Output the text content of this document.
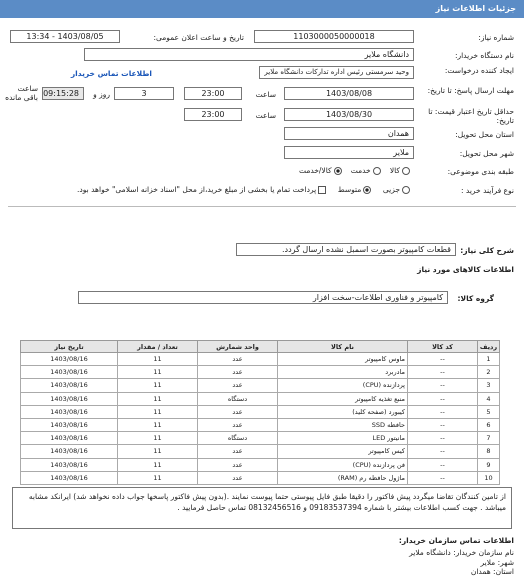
جزئیات اطلاعات نیاز
شماره نیاز:
1103000050000018
تاریخ و ساعت اعلان عمومی:
1403/08/05 - 13:34
نام دستگاه خریدار:
دانشگاه ملایر
ایجاد کننده درخواست:
وحید سرمستی رئیس اداره تدارکات دانشگاه ملایر
اطلاعات تماس خریدار
مهلت ارسال پاسخ: تا تاریخ:
1403/08/08
ساعت
23:00
3
روز و
09:15:28
ساعت باقی مانده
حداقل تاریخ اعتبار قیمت: تا تاریخ:
1403/08/30
ساعت
23:00
استان محل تحویل:
همدان
شهر محل تحویل:
ملایر
طبقه بندی موضوعی:
کالا   خدمت   کالا/خدمت
نوع فرآیند خرید :
جزیی    متوسط    پرداخت تمام یا بخشی از مبلغ خرید،از محل "اسناد خزانه اسلامی" خواهد بود.
شرح کلی نیاز:
قطعات کامپیوتر بصورت اسمبل نشده ارسال گردد.
اطلاعات کالاهای مورد نیاز
گروه کالا:
کامپیوتر و فناوری اطلاعات-سخت افزار
ردیف	کد کالا	نام کالا	واحد شمارش	تعداد / مقدار	تاریخ نیاز
1	--	ماوس کامپیوتر	عدد	11	1403/08/16
2	--	مادربرد	عدد	11	1403/08/16
3	--	پردازنده (CPU)	عدد	11	1403/08/16
4	--	منبع تغذیه کامپیوتر	دستگاه	11	1403/08/16
5	--	کیبورد (صفحه کلید)	عدد	11	1403/08/16
6	--	حافظه SSD	عدد	11	1403/08/16
7	--	مانیتور LED	دستگاه	11	1403/08/16
8	--	کیس کامپیوتر	عدد	11	1403/08/16
9	--	فن پردازنده (CPU)	عدد	11	1403/08/16
10	--	ماژول حافظه رم (RAM)	عدد	11	1403/08/16
از تامین کنندگان تقاضا میگردد پیش فاکتور را دقیقا طبق فایل پیوستی حتما پیوست نمایند .(بدون پیش فاکتور پاسخها جواب داده نخواهد شد) ایرانکد مشابه میباشد . جهت کسب اطلاعات بیشتر با شماره 09183537394 و 08132456516 تماس حاصل فرمایید .
اطلاعات تماس سازمان خریدار:
نام سازمان خریدار: دانشگاه ملایر
شهر: ملایر
استان: همدان
